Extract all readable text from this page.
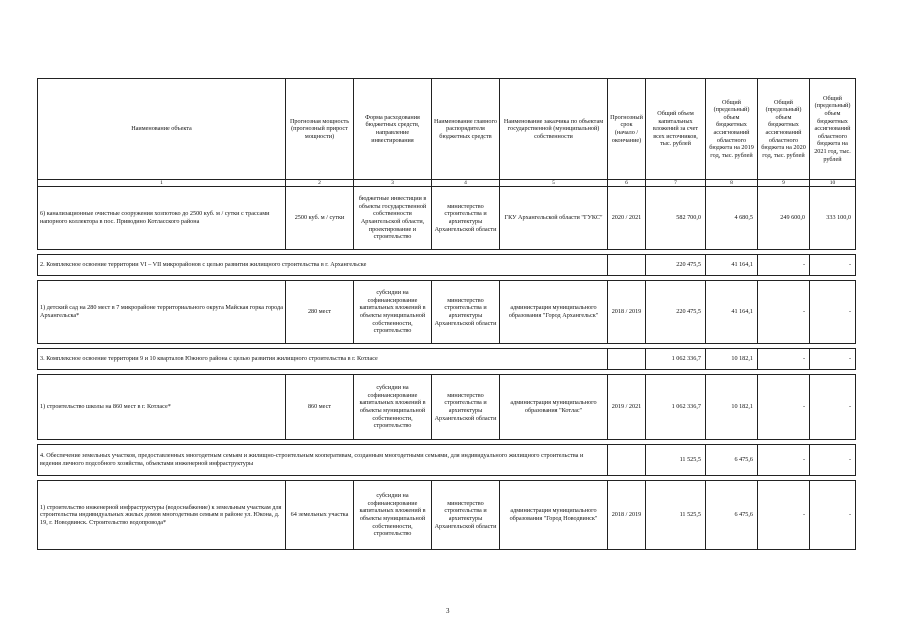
Наименование объекта	Прогнозная мощность (прогнозный прирост мощности)	Форма расходования бюджетных средств, направление инвестирования	Наименование главного распорядителя бюджетных средств	Наименование заказчика по объектам государственной (муниципальной) собственности	Прогнозный срок (начало / окончание)	Общий объем капитальных вложений за счет всех источников, тыс. рублей	Общий (предельный) объем бюджетных ассигнований областного бюджета на 2019 год, тыс. рублей	Общий (предельный) объем бюджетных ассигнований областного бюджета на 2020 год, тыс. рублей	Общий (предельный) объем бюджетных ассигнований областного бюджета на 2021 год, тыс. рублей
1	2	3	4	5	6	7	8	9	10
6) канализационные очистные сооружения хозпотоко до 2500 куб. м / сутки с трассами напорного коллектора в пос. Приводино Котласского района	2500 куб. м / сутки	бюджетные инвестиции в объекты государственной собственности Архангельской области, проектирование и строительство	министерство строительства и архитектуры Архангельской области	ГКУ Архангельской области "ГУКС"	2020 / 2021	582 700,0	4 680,5	249 600,0	333 100,0

2. Комплексное освоение территории VI – VII микрорайонов с целью развития жилищного строительства в г. Архангельске						220 475,5	41 164,1	-	-

1) детский сад на 280 мест в 7 микрорайоне территориального округа Майская горка города Архангельска*	280 мест	субсидии на софинансирование капитальных вложений в объекты муниципальной собственности, строительство	министерство строительства и архитектуры Архангельской области	администрация муниципального образования "Город Архангельск"	2018 / 2019	220 475,5	41 164,1	-	-

3. Комплексное освоение территории 9 и 10 кварталов Южного района с целью развития жилищного строительства в г. Котласе						1 062 336,7	10 182,1	-	-

1) строительство школы на 860 мест в г. Котласе*	860 мест	субсидии на софинансирование капитальных вложений в объекты муниципальной собственности, строительство	министерство строительства и архитектуры Архангельской области	администрация муниципального образования "Котлас"	2019 / 2021	1 062 336,7	10 182,1	-	-

4. Обеспечение земельных участков, предоставленных многодетным семьям и жилищно-строительным кооперативам, созданным многодетными семьями, для индивидуального жилищного строительства и ведения личного подсобного хозяйства, объектами инженерной инфраструктуры						11 525,5	6 475,6	-	-

1) строительство инженерной инфраструктуры (водоснабжение) к земельным участкам для строительства индивидуальных жилых домов многодетным семьям в районе ул. Юкона, д. 19, г. Новодвинск. Строительство водопровода*	64 земельных участка	субсидии на софинансирование капитальных вложений в объекты муниципальной собственности, строительство	министерство строительства и архитектуры Архангельской области	администрация муниципального образования "Город Новодвинск"	2018 / 2019	11 525,5	6 475,6	-	-
3
